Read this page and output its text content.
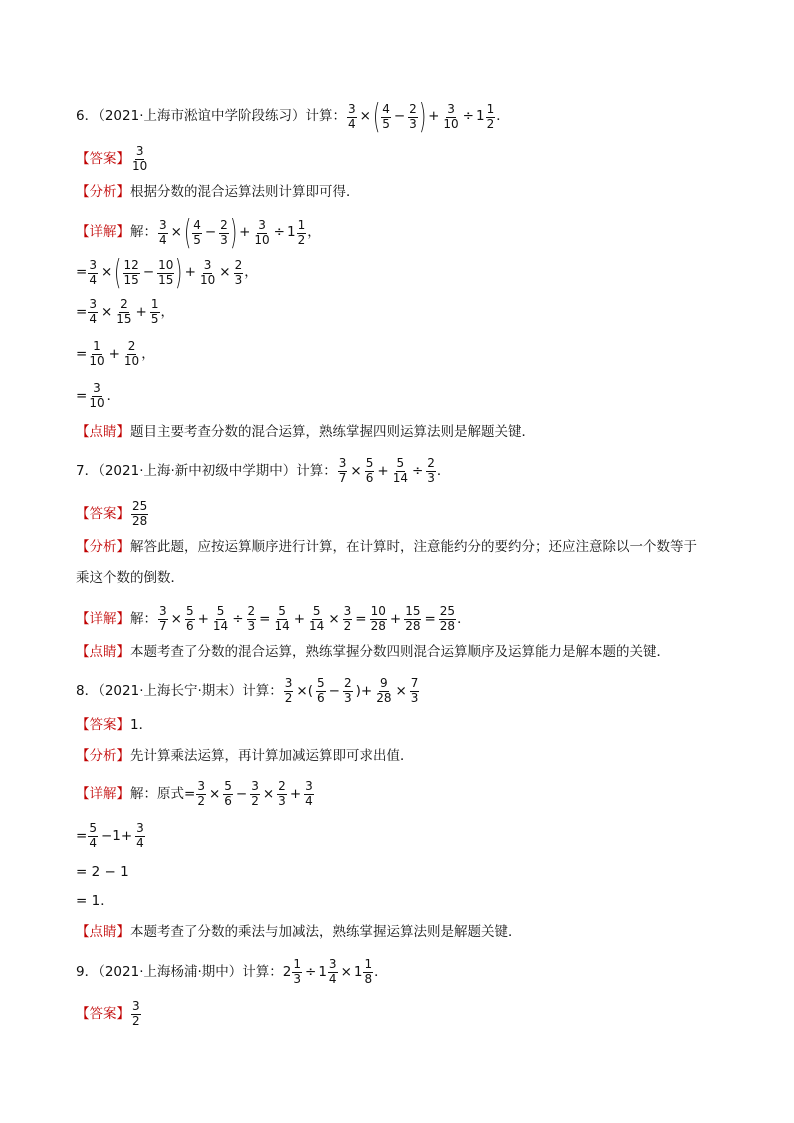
6．（2021·上海市淞谊中学阶段练习）计算： $\frac{3}{4}$ × ( $\frac{4}{5} - \frac{2}{3}$ ) + $\frac{3}{10} \div 1 \frac{1}{2}$ ．
【答案】 $\frac{3}{10}$
【分析】 根据分数的混合运算法则计算即可得．
【详解】 解： $\frac{3}{4}$ × ( $\frac{4}{5} - \frac{2}{3}$ ) + $\frac{3}{10} \div 1 \frac{1}{2}$ ，
= $\frac{3}{4}$ × ( $\frac{12}{15} - \frac{10}{15}$ ) + $\frac{3}{10} \times \frac{2}{3}$ ，
= $\frac{3}{4} \times \frac{2}{15} + \frac{1}{5}$ ，
= $\frac{1}{10} + \frac{2}{10}$ ，
= $\frac{3}{10}$ ．
【点睛】 题目主要考查分数的混合运算，熟练掌握四则运算法则是解题关键．
7．（2021·上海·新中初级中学期中）计算： $\frac{3}{7} \times \frac{5}{6} + \frac{5}{14} \div \frac{2}{3}$ ．
【答案】 $\frac{25}{28}$
【分析】 解答此题，应按运算顺序进行计算，在计算时，注意能约分的要约分；还应注意除以一个数等于
乘这个数的倒数．
【详解】 解： $\frac{3}{7} \times \frac{5}{6} + \frac{5}{14} \div \frac{2}{3} = \frac{5}{14} + \frac{5}{14} \times \frac{3}{2} = \frac{10}{28} + \frac{15}{28} = \frac{25}{28}$ ．
【点睛】 本题考查了分数的混合运算，熟练掌握分数四则混合运算顺序及运算能力是解本题的关键．
8．（2021·上海长宁·期末）计算： $\frac{3}{2}$ ×( $\frac{5}{6} - \frac{2}{3}$ )+ $\frac{9}{28} \times \frac{7}{3}$
【答案】 1．
【分析】 先计算乘法运算，再计算加减运算即可求出值．
【详解】 解：原式 = $\frac{3}{2} \times \frac{5}{6} - \frac{3}{2} \times \frac{2}{3} + \frac{3}{4}$
= $\frac{5}{4} -1+ \frac{3}{4}$
= 2 − 1
= 1．
【点睛】 本题考查了分数的乘法与加减法，熟练掌握运算法则是解题关键．
9．（2021·上海杨浦·期中）计算： $2 \frac{1}{3} \div 1 \frac{3}{4} \times 1 \frac{1}{8}$ ．
【答案】 $\frac{3}{2}$
